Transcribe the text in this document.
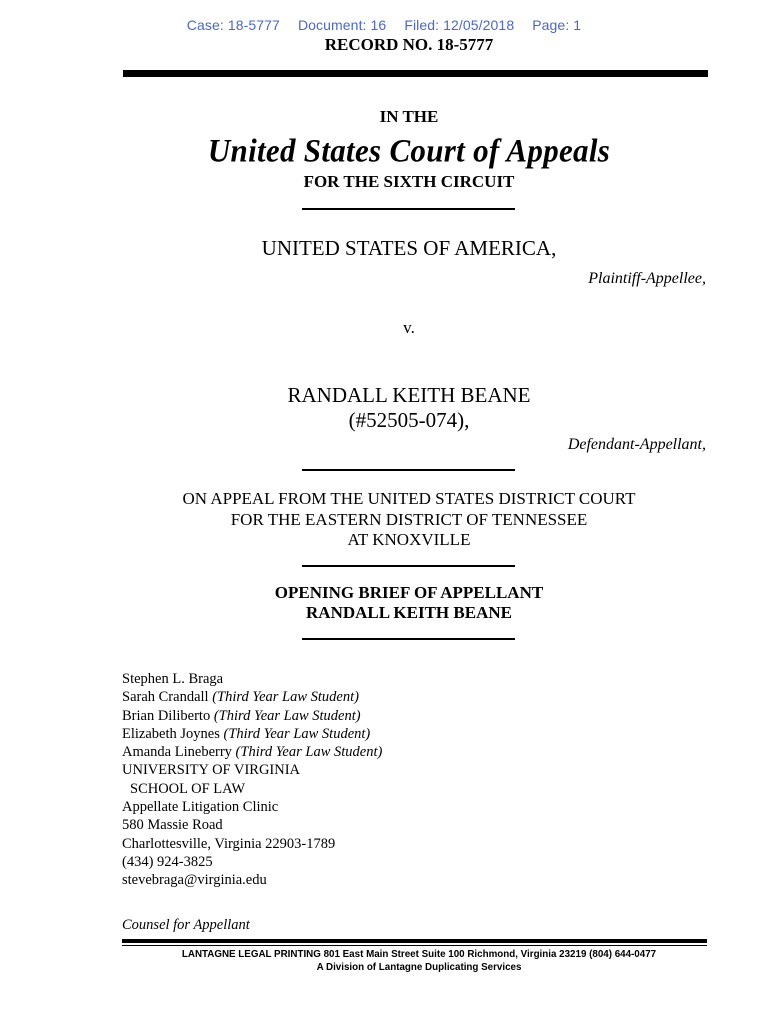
Case: 18-5777 Document: 16 Filed: 12/05/2018 Page: 1
RECORD NO. 18-5777
IN THE
United States Court of Appeals
FOR THE SIXTH CIRCUIT
UNITED STATES OF AMERICA,
Plaintiff-Appellee,
v.
RANDALL KEITH BEANE
(#52505-074),
Defendant-Appellant,
ON APPEAL FROM THE UNITED STATES DISTRICT COURT
FOR THE EASTERN DISTRICT OF TENNESSEE
AT KNOXVILLE
OPENING BRIEF OF APPELLANT
RANDALL KEITH BEANE
Stephen L. Braga
Sarah Crandall (Third Year Law Student)
Brian Diliberto (Third Year Law Student)
Elizabeth Joynes (Third Year Law Student)
Amanda Lineberry (Third Year Law Student)
UNIVERSITY OF VIRGINIA
SCHOOL OF LAW
Appellate Litigation Clinic
580 Massie Road
Charlottesville, Virginia 22903-1789
(434) 924-3825
stevebraga@virginia.edu
Counsel for Appellant
LANTAGNE LEGAL PRINTING 801 East Main Street Suite 100 Richmond, Virginia 23219 (804) 644-0477
A Division of Lantagne Duplicating Services
